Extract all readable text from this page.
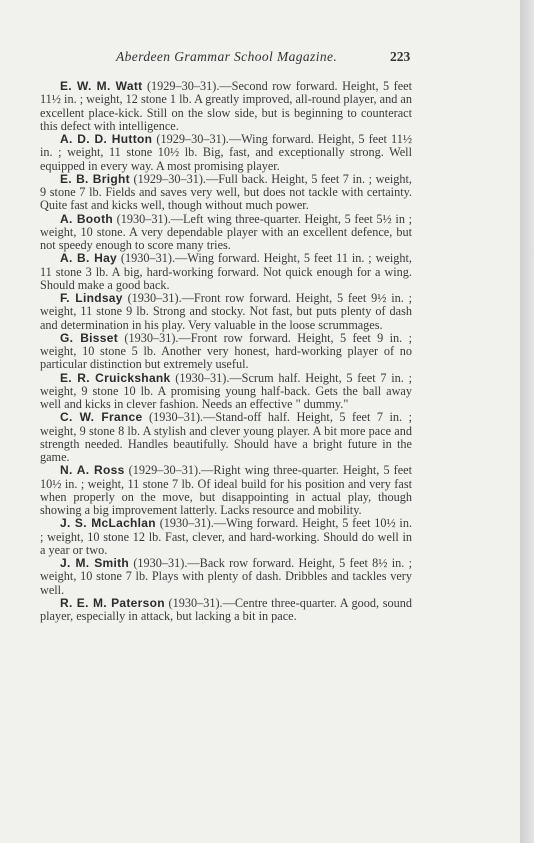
Aberdeen Grammar School Magazine.	223

E. W. M. Watt (1929–30–31).—Second row forward. Height, 5 feet 11½ in. ; weight, 12 stone 1 lb. A greatly improved, all-round player, and an excellent place-kick. Still on the slow side, but is beginning to counteract this defect with intelligence.

A. D. D. Hutton (1929–30–31).—Wing forward. Height, 5 feet 11½ in. ; weight, 11 stone 10½ lb. Big, fast, and exceptionally strong. Well equipped in every way. A most promising player.

E. B. Bright (1929–30–31).—Full back. Height, 5 feet 7 in. ; weight, 9 stone 7 lb. Fields and saves very well, but does not tackle with certainty. Quite fast and kicks well, though without much power.

A. Booth (1930–31).—Left wing three-quarter. Height, 5 feet 5½ in ; weight, 10 stone. A very dependable player with an excellent defence, but not speedy enough to score many tries.

A. B. Hay (1930–31).—Wing forward. Height, 5 feet 11 in. ; weight, 11 stone 3 lb. A big, hard-working forward. Not quick enough for a wing. Should make a good back.

F. Lindsay (1930–31).—Front row forward. Height, 5 feet 9½ in. ; weight, 11 stone 9 lb. Strong and stocky. Not fast, but puts plenty of dash and determination in his play. Very valuable in the loose scrummages.

G. Bisset (1930–31).—Front row forward. Height, 5 feet 9 in. ; weight, 10 stone 5 lb. Another very honest, hard-working player of no particular distinction but extremely useful.

E. R. Cruickshank (1930–31).—Scrum half. Height, 5 feet 7 in. ; weight, 9 stone 10 lb. A promising young half-back. Gets the ball away well and kicks in clever fashion. Needs an effective " dummy."

C. W. France (1930–31).—Stand-off half. Height, 5 feet 7 in. ; weight, 9 stone 8 lb. A stylish and clever young player. A bit more pace and strength needed. Handles beautifully. Should have a bright future in the game.

N. A. Ross (1929–30–31).—Right wing three-quarter. Height, 5 feet 10½ in. ; weight, 11 stone 7 lb. Of ideal build for his position and very fast when properly on the move, but disappointing in actual play, though showing a big improvement latterly. Lacks resource and mobility.

J. S. McLachlan (1930–31).—Wing forward. Height, 5 feet 10½ in. ; weight, 10 stone 12 lb. Fast, clever, and hard-working. Should do well in a year or two.

J. M. Smith (1930–31).—Back row forward. Height, 5 feet 8½ in. ; weight, 10 stone 7 lb. Plays with plenty of dash. Dribbles and tackles very well.

R. E. M. Paterson (1930–31).—Centre three-quarter. A good, sound player, especially in attack, but lacking a bit in pace.
